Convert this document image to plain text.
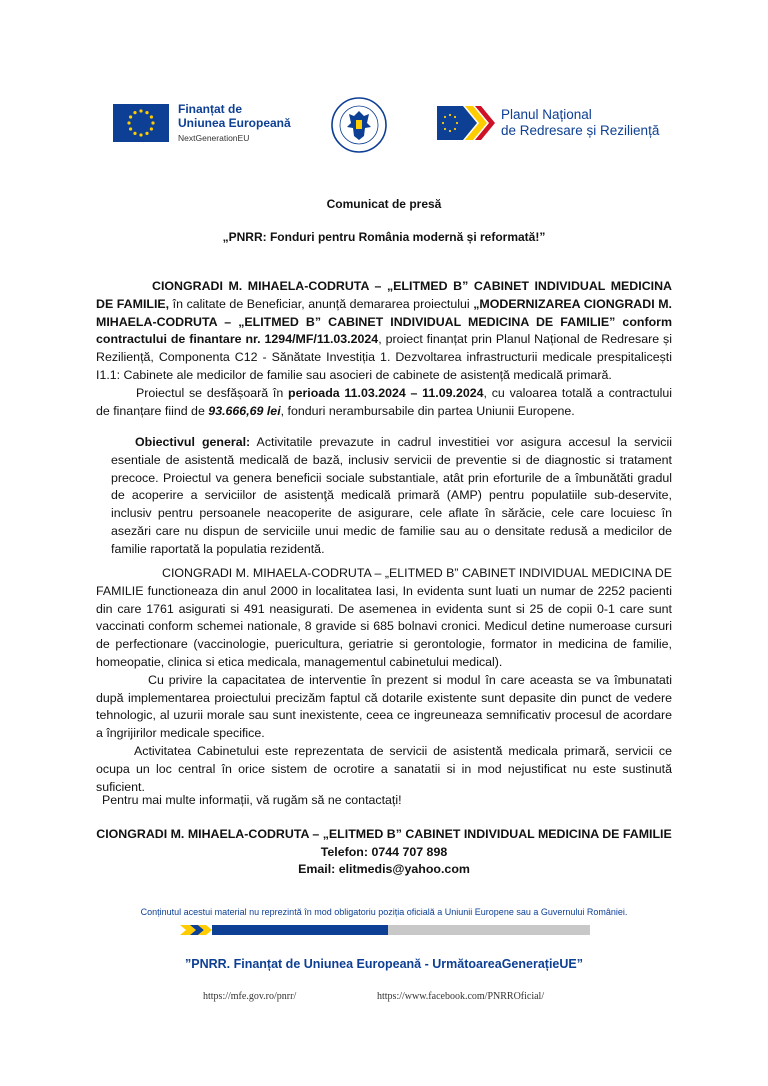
Finanțat de
Uniunea Europeană
NextGenerationEU
Planul Național
de Redresare și Reziliență
Comunicat de presă
„PNRR: Fonduri pentru România modernă și reformată!”

CIONGRADI M. MIHAELA-CODRUTA – „ELITMED B” CABINET INDIVIDUAL MEDICINA DE FAMILIE, în calitate de Beneficiar, anunță demararea proiectului „MODERNIZAREA CIONGRADI M. MIHAELA-CODRUTA – „ELITMED B” CABINET INDIVIDUAL MEDICINA DE FAMILIE” conform contractului de finantare nr. 1294/MF/11.03.2024, proiect finanțat prin Planul Național de Redresare și Reziliență, Componenta C12 - Sănătate Investiția 1. Dezvoltarea infrastructurii medicale prespitalicești I1.1: Cabinete ale medicilor de familie sau asocieri de cabinete de asistență medicală primară.

Proiectul se desfășoară în perioada 11.03.2024 – 11.09.2024, cu valoarea totală a contractului de finanțare fiind de 93.666,69 lei, fonduri nerambursabile din partea Uniunii Europene.

Obiectivul general: Activitatile prevazute in cadrul investitiei vor asigura accesul la servicii esentiale de asistentă medicală de bază, inclusiv servicii de preventie si de diagnostic si tratament precoce. Proiectul va genera beneficii sociale substantiale, atât prin eforturile de a îmbunătăti gradul de acoperire a serviciilor de asistenţă medicală primară (AMP) pentru populatiile sub-deservite, inclusiv pentru persoanele neacoperite de asigurare, cele aflate în sărăcie, cele care locuiesc în asezări care nu dispun de serviciile unui medic de familie sau au o densitate redusă a medicilor de familie raportată la populatia rezidentă.

CIONGRADI M. MIHAELA-CODRUTA – „ELITMED B” CABINET INDIVIDUAL MEDICINA DE FAMILIE functioneaza din anul 2000 in localitatea Iasi, In evidenta sunt luati un numar de 2252 pacienti din care 1761 asigurati si 491 neasigurati. De asemenea in evidenta sunt si 25 de copii 0-1 care sunt vaccinati conform schemei nationale, 8 gravide si 685 bolnavi cronici. Medicul detine numeroase cursuri de perfectionare (vaccinologie, puericultura, geriatrie si gerontologie, formator in medicina de familie, homeopatie, clinica si etica medicala, managementul cabinetului medical).

Cu privire la capacitatea de interventie în prezent si modul în care aceasta se va îmbunatati după implementarea proiectului precizăm faptul că dotarile existente sunt depasite din punct de vedere tehnologic, al uzurii morale sau sunt inexistente, ceea ce ingreuneaza semnificativ procesul de acordare a îngrijirilor medicale specifice.

Activitatea Cabinetului este reprezentata de servicii de asistentă medicala primară, servicii ce ocupa un loc central în orice sistem de ocrotire a sanatatii si in mod nejustificat nu este sustinută suficient.

Pentru mai multe informații, vă rugăm să ne contactați!
CIONGRADI M. MIHAELA-CODRUTA – „ELITMED B” CABINET INDIVIDUAL MEDICINA DE FAMILIE
Telefon: 0744 707 898
Email: elitmedis@yahoo.com
Conținutul acestui material nu reprezintă în mod obligatoriu poziția oficială a Uniunii Europene sau a Guvernului României.
”PNRR. Finanțat de Uniunea Europeană - UrmătoareaGenerațieUE”
https://mfe.gov.ro/pnrr/	https://www.facebook.com/PNRROficial/
